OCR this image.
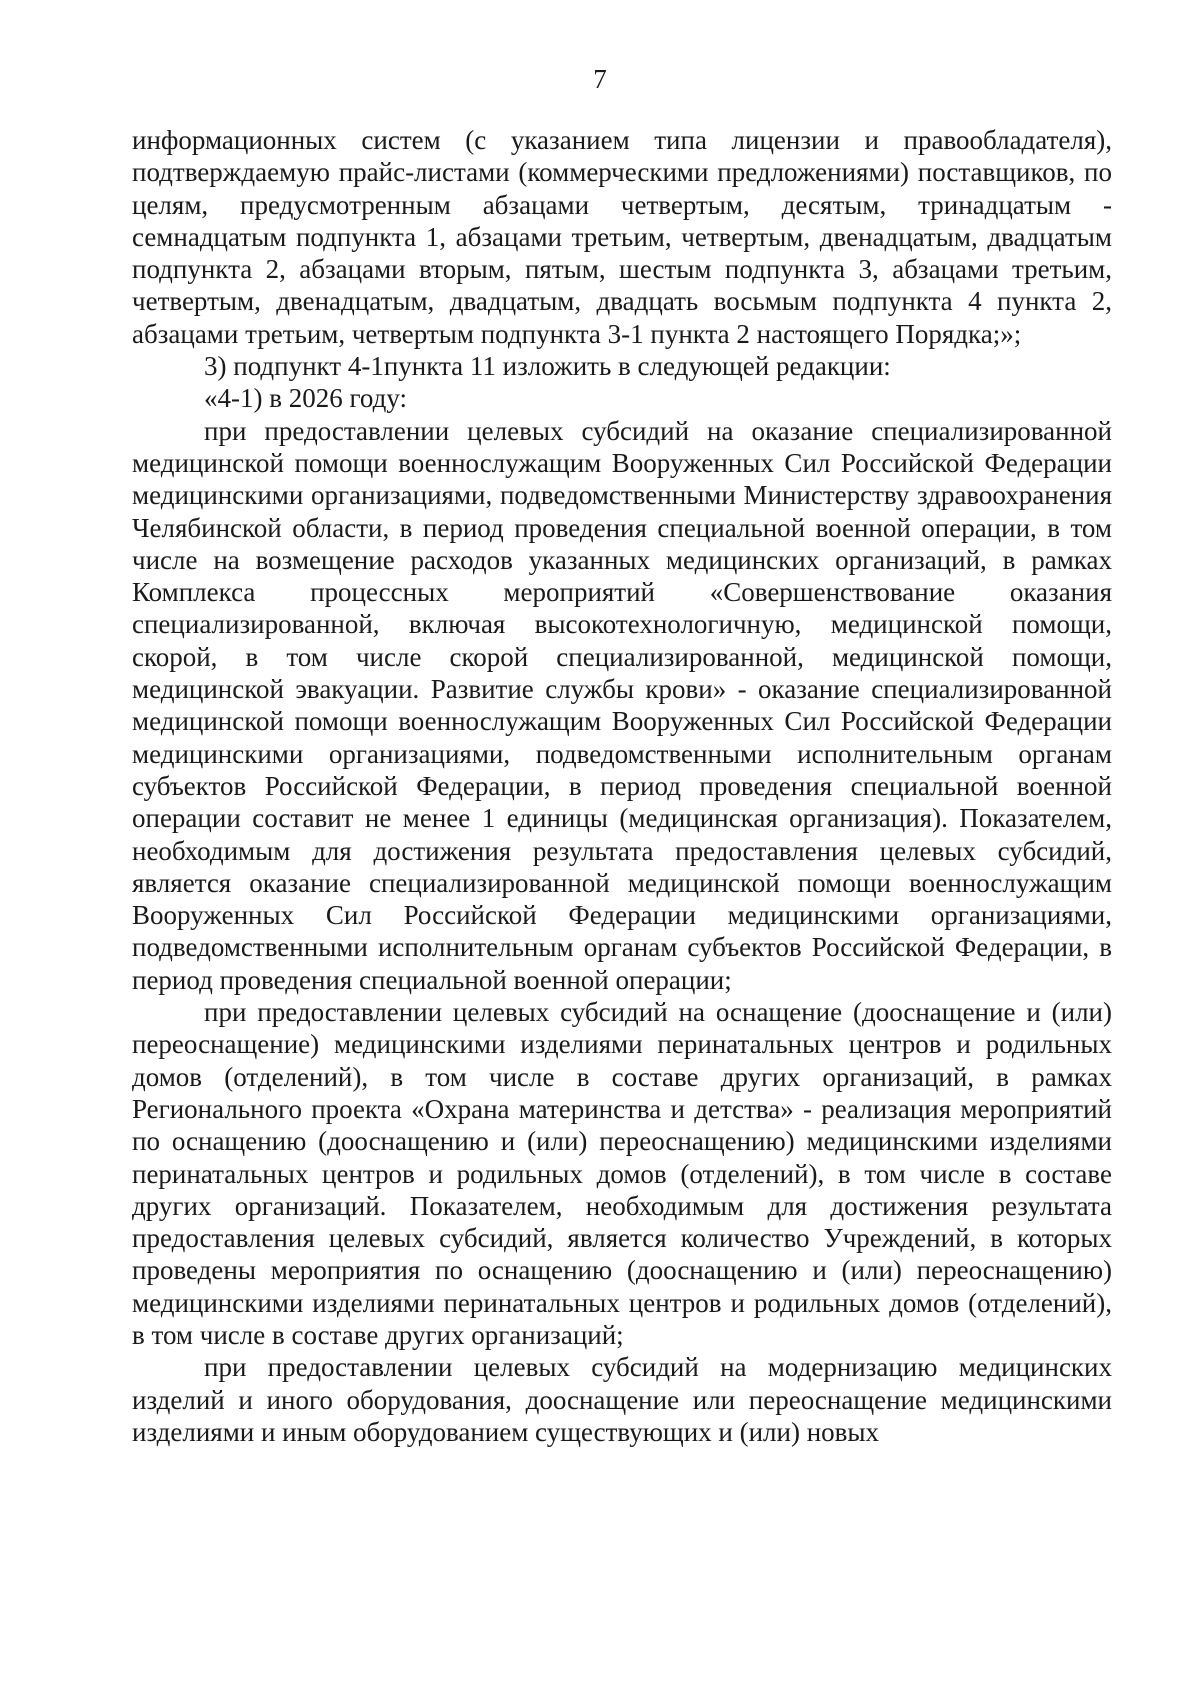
7

информационных систем (с указанием типа лицензии и правообладателя), подтверждаемую прайс-листами (коммерческими предложениями) поставщиков, по целям, предусмотренным абзацами четвертым, десятым, тринадцатым - семнадцатым подпункта 1, абзацами третьим, четвертым, двенадцатым, двадцатым подпункта 2, абзацами вторым, пятым, шестым подпункта 3, абзацами третьим, четвертым, двенадцатым, двадцатым, двадцать восьмым подпункта 4 пункта 2, абзацами третьим, четвертым подпункта 3-1 пункта 2 настоящего Порядка;»;

3) подпункт 4-1пункта 11 изложить в следующей редакции:

«4-1) в 2026 году:

при предоставлении целевых субсидий на оказание специализированной медицинской помощи военнослужащим Вооруженных Сил Российской Федерации медицинскими организациями, подведомственными Министерству здравоохранения Челябинской области, в период проведения специальной военной операции, в том числе на возмещение расходов указанных медицинских организаций, в рамках Комплекса процессных мероприятий «Совершенствование оказания специализированной, включая высокотехнологичную, медицинской помощи, скорой, в том числе скорой специализированной, медицинской помощи, медицинской эвакуации. Развитие службы крови» - оказание специализированной медицинской помощи военнослужащим Вооруженных Сил Российской Федерации медицинскими организациями, подведомственными исполнительным органам субъектов Российской Федерации, в период проведения специальной военной операции составит не менее 1 единицы (медицинская организация). Показателем, необходимым для достижения результата предоставления целевых субсидий, является оказание специализированной медицинской помощи военнослужащим Вооруженных Сил Российской Федерации медицинскими организациями, подведомственными исполнительным органам субъектов Российской Федерации, в период проведения специальной военной операции;

при предоставлении целевых субсидий на оснащение (дооснащение и (или) переоснащение) медицинскими изделиями перинатальных центров и родильных домов (отделений), в том числе в составе других организаций, в рамках Регионального проекта «Охрана материнства и детства» - реализация мероприятий по оснащению (дооснащению и (или) переоснащению) медицинскими изделиями перинатальных центров и родильных домов (отделений), в том числе в составе других организаций. Показателем, необходимым для достижения результата предоставления целевых субсидий, является количество Учреждений, в которых проведены мероприятия по оснащению (дооснащению и (или) переоснащению) медицинскими изделиями перинатальных центров и родильных домов (отделений), в том числе в составе других организаций;

при предоставлении целевых субсидий на модернизацию медицинских изделий и иного оборудования, дооснащение или переоснащение медицинскими изделиями и иным оборудованием существующих и (или) новых
